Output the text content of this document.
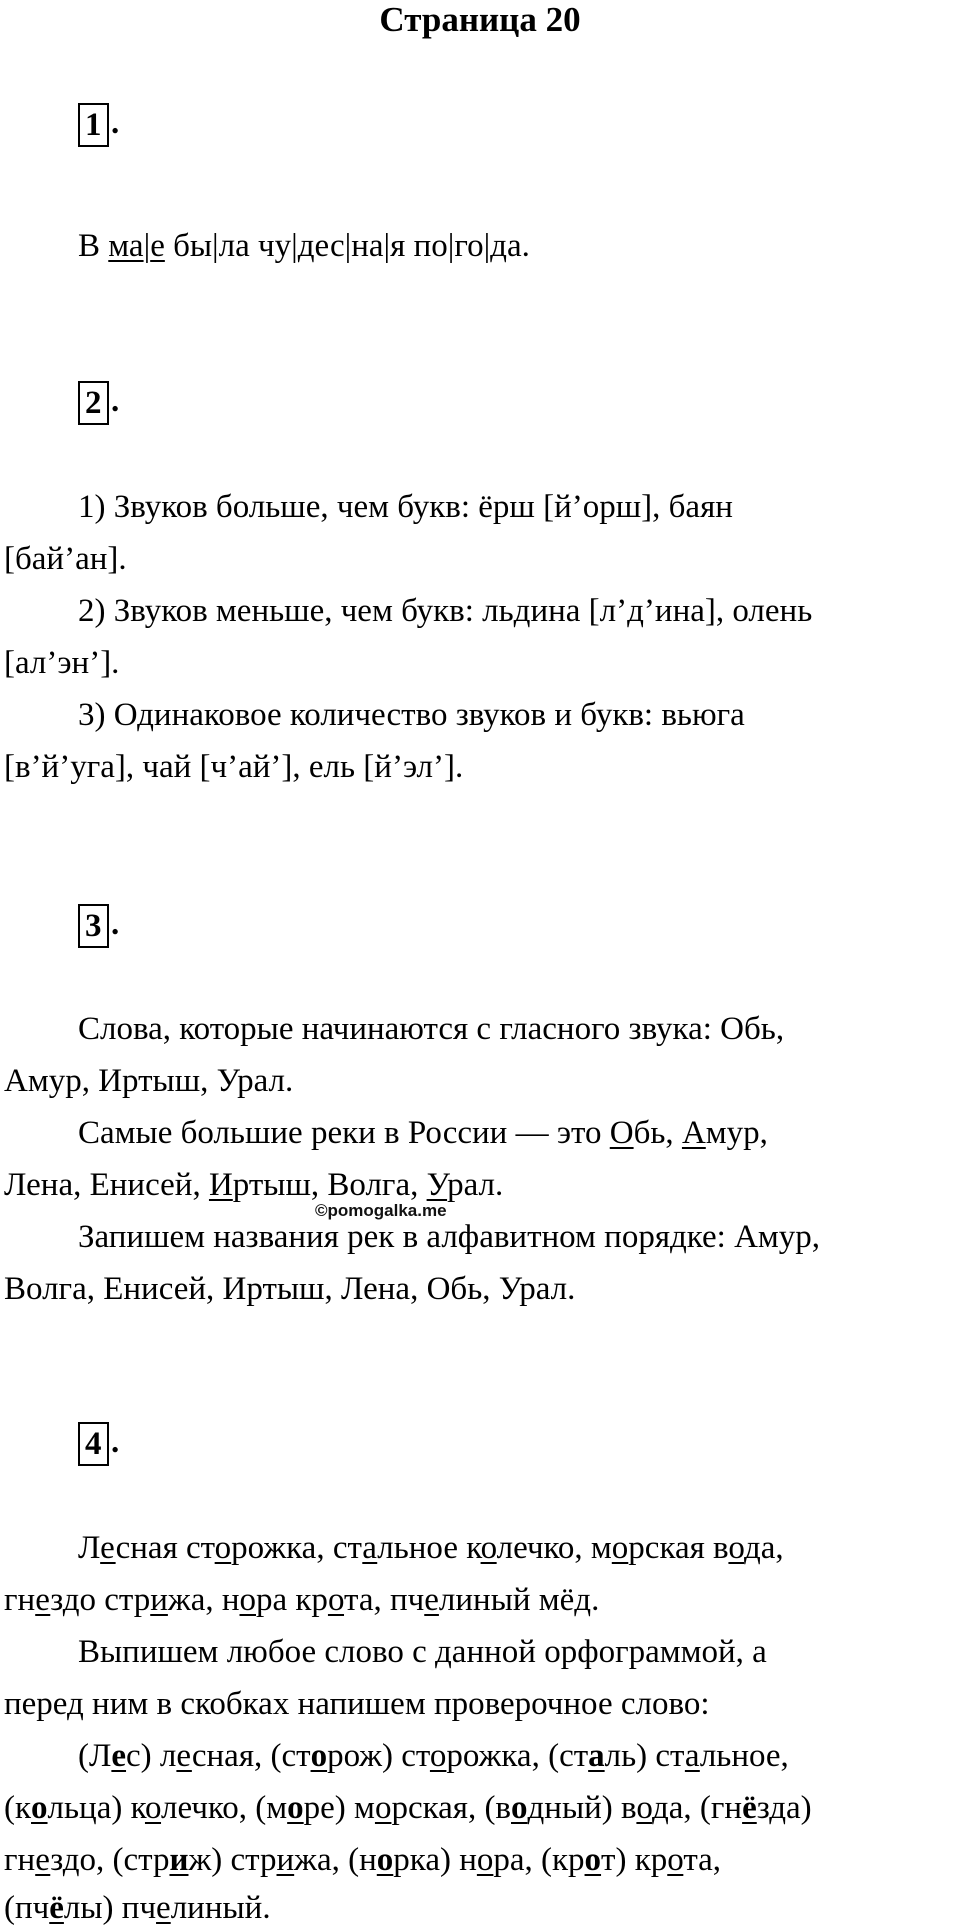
Страница 20
1 .
2 .
3 .
4 .
В ма|е бы|ла чу|дес|на|я по|го|да.
1) Звуков больше, чем букв: ёрш [й’орш], баян
[бай’ан].
2) Звуков меньше, чем букв: льдина [л’д’ина], олень
[ал’эн’].
3) Одинаковое количество звуков и букв: вьюга
[в’й’уга], чай [ч’ай’], ель [й’эл’].
Слова, которые начинаются с гласного звука: Обь,
Амур, Иртыш, Урал.
Самые большие реки в России — это Обь, Амур,
Лена, Енисей, Иртыш, Волга, Урал.
Запишем названия рек в алфавитном порядке: Амур,
Волга, Енисей, Иртыш, Лена, Обь, Урал.
Лесная сторожка, стальное колечко, морская вода,
гнездо стрижа, нора крота, пчелиный мёд.
Выпишем любое слово с данной орфограммой, а
перед ним в скобках напишем проверочное слово:
(Лес) лесная, (сторож) сторожка, (сталь) стальное,
(кольца) колечко, (море) морская, (водный) вода, (гнёзда)
гнездо, (стриж) стрижа, (норка) нора, (крот) крота,
(пчёлы) пчелиный.
©pomogalka.me
